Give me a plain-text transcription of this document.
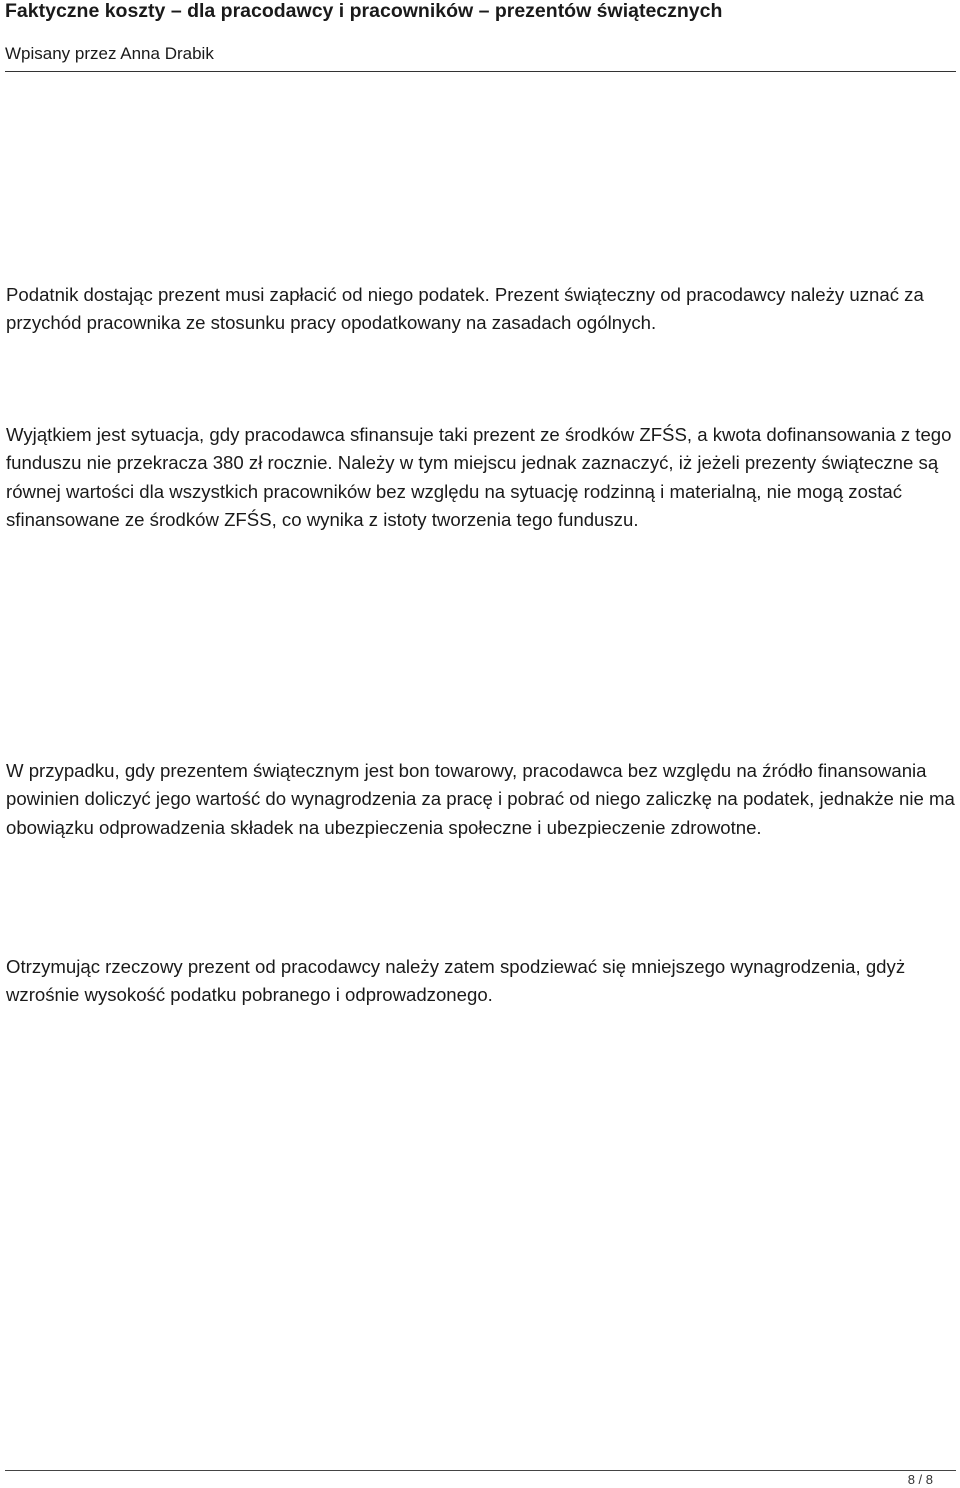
Faktyczne koszty – dla pracodawcy i pracowników – prezentów świątecznych

Wpisany przez Anna Drabik

Podatnik dostając prezent musi zapłacić od niego podatek. Prezent świąteczny od pracodawcy należy uznać za przychód pracownika ze stosunku pracy opodatkowany na zasadach ogólnych.

Wyjątkiem jest sytuacja, gdy pracodawca sfinansuje taki prezent ze środków ZFŚS, a kwota dofinansowania z tego funduszu nie przekracza 380 zł rocznie. Należy w tym miejscu jednak zaznaczyć, iż jeżeli prezenty świąteczne są równej wartości dla wszystkich pracowników bez względu na sytuację rodzinną i materialną, nie mogą zostać sfinansowane ze środków ZFŚS, co wynika z istoty tworzenia tego funduszu.

W przypadku, gdy prezentem świątecznym jest bon towarowy, pracodawca bez względu na źródło finansowania powinien doliczyć jego wartość do wynagrodzenia za pracę i pobrać od niego zaliczkę na podatek, jednakże nie ma obowiązku odprowadzenia składek na ubezpieczenia społeczne i ubezpieczenie zdrowotne.

Otrzymując rzeczowy prezent od pracodawcy należy zatem spodziewać się mniejszego wynagrodzenia, gdyż wzrośnie wysokość podatku pobranego i odprowadzonego.

8 / 8
